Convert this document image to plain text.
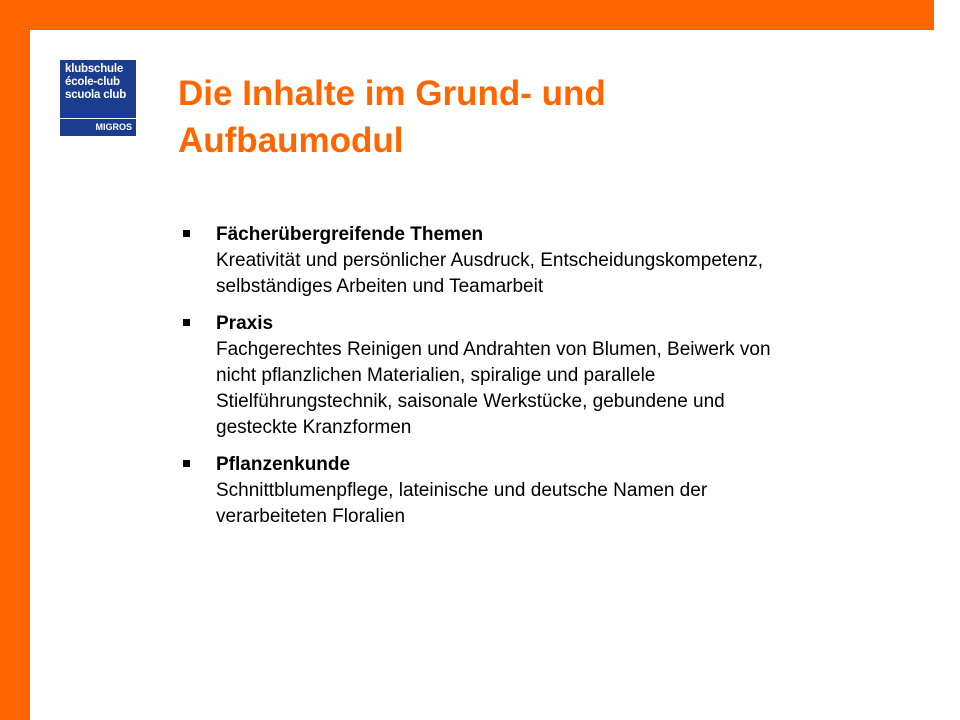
klubschule
école-club
scuola club
MIGROS
Die Inhalte im Grund- und
Aufbaumodul
Fächerübergreifende Themen
Kreativität und persönlicher Ausdruck, Entscheidungskompetenz,
selbständiges Arbeiten und Teamarbeit
Praxis
Fachgerechtes Reinigen und Andrahten von Blumen, Beiwerk von
nicht pflanzlichen Materialien, spiralige und parallele
Stielführungstechnik, saisonale Werkstücke, gebundene und
gesteckte Kranzformen
Pflanzenkunde
Schnittblumenpflege, lateinische und deutsche Namen der
verarbeiteten Floralien
